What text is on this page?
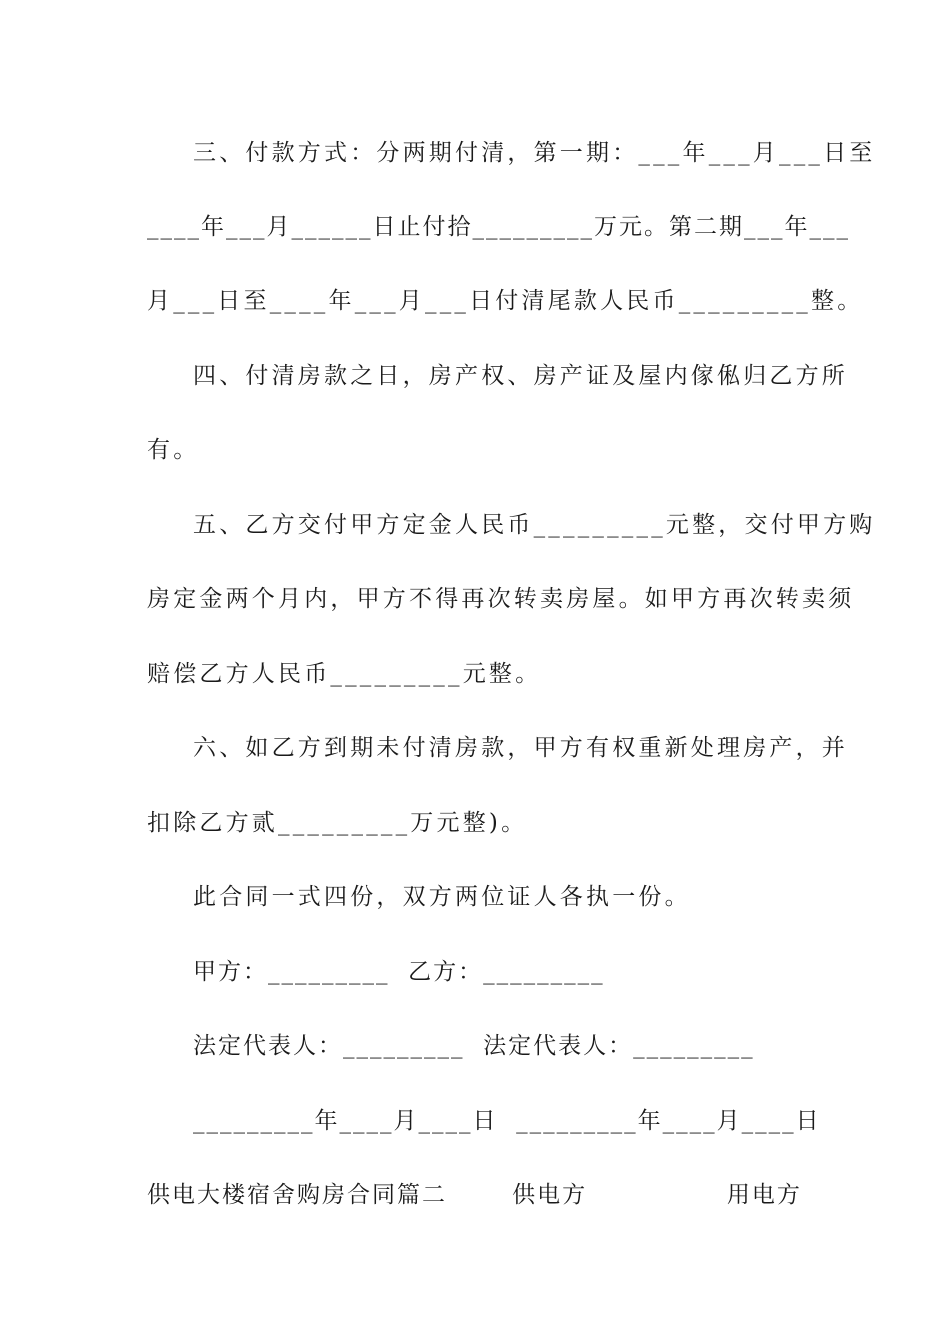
三、付款方式：分两期付清，第一期：___年___月___日至
____年___月______日止付拾_________万元。第二期___年___
月___日至____年___月___日付清尾款人民币_________整。
四、付清房款之日，房产权、房产证及屋内傢俬归乙方所
有。
五、乙方交付甲方定金人民币_________元整，交付甲方购
房定金两个月内，甲方不得再次转卖房屋。如甲方再次转卖须
赔偿乙方人民币_________元整。
六、如乙方到期未付清房款，甲方有权重新处理房产，并
扣除乙方贰_________万元整)。
此合同一式四份，双方两位证人各执一份。
甲方：_________  乙方：_________
法定代表人：_________  法定代表人：_________
_________年____月____日  _________年____月____日
供电大楼宿舍购房合同篇二       供电方               用电方
